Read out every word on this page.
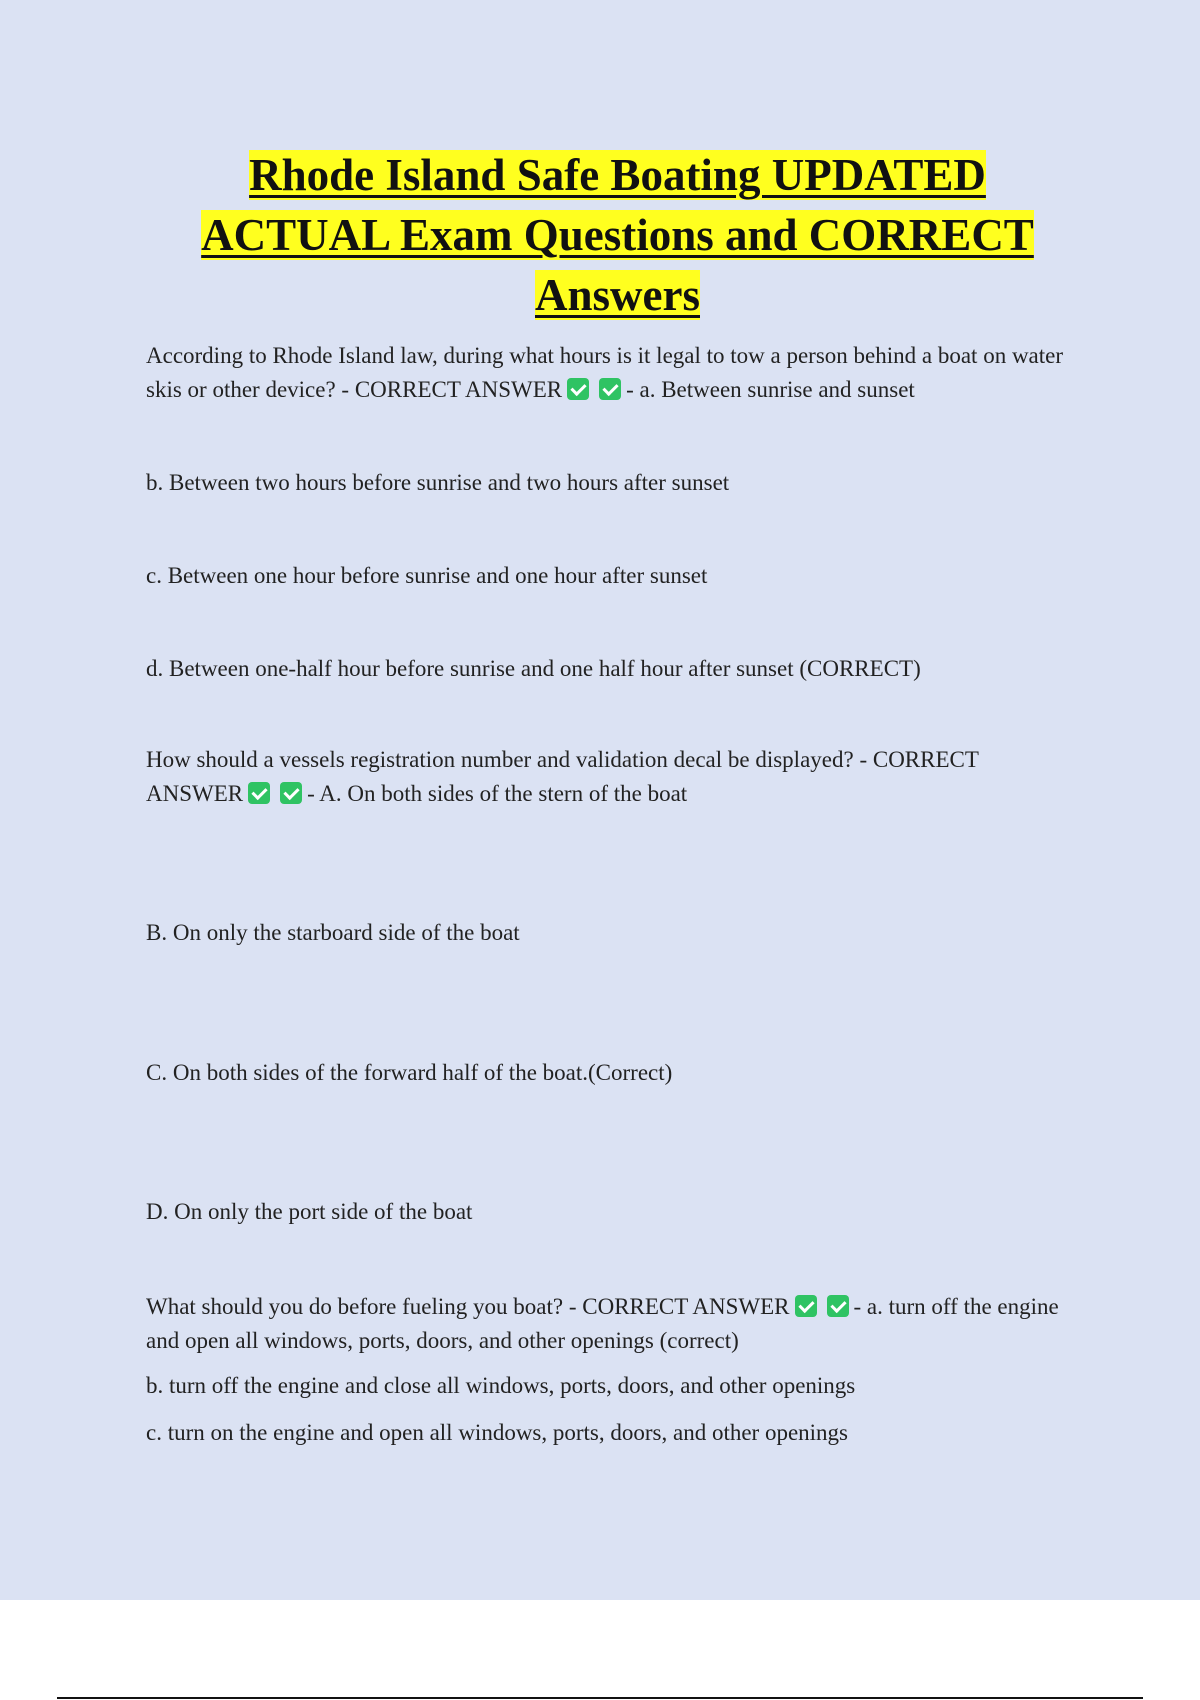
Rhode Island Safe Boating UPDATED
ACTUAL Exam Questions and CORRECT
Answers
According to Rhode Island law, during what hours is it legal to tow a person behind a boat on water skis or other device? - CORRECT ANSWER	- a. Between sunrise and sunset
b. Between two hours before sunrise and two hours after sunset
c. Between one hour before sunrise and one hour after sunset
d. Between one-half hour before sunrise and one half hour after sunset (CORRECT)
How should a vessels registration number and validation decal be displayed? - CORRECT ANSWER	- A. On both sides of the stern of the boat
B. On only the starboard side of the boat
C. On both sides of the forward half of the boat.(Correct)
D. On only the port side of the boat
What should you do before fueling you boat? - CORRECT ANSWER	- a. turn off the engine and open all windows, ports, doors, and other openings (correct)
b. turn off the engine and close all windows, ports, doors, and other openings
c. turn on the engine and open all windows, ports, doors, and other openings
